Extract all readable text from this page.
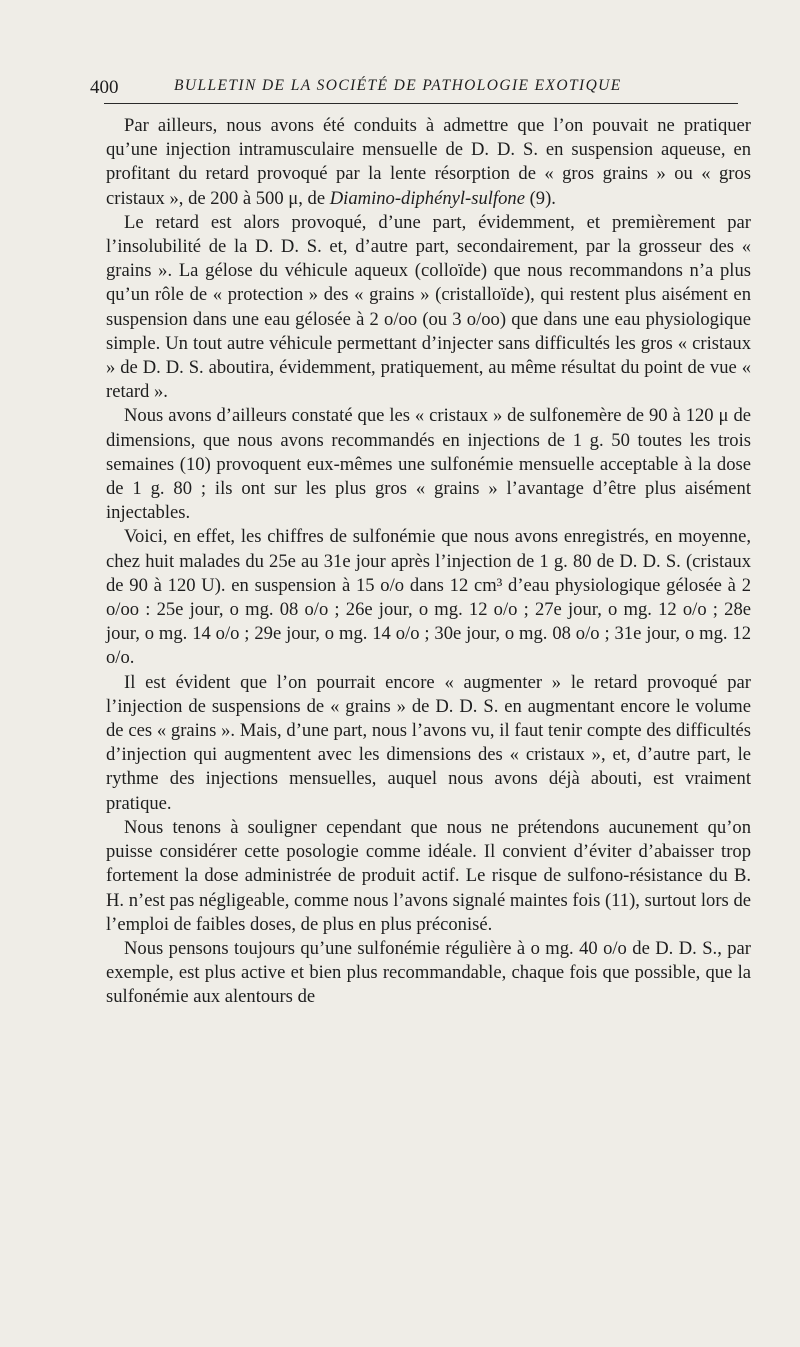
400	BULLETIN DE LA SOCIÉTÉ DE PATHOLOGIE EXOTIQUE

Par ailleurs, nous avons été conduits à admettre que l’on pouvait ne pratiquer qu’une injection intramusculaire mensuelle de D. D. S. en suspension aqueuse, en profitant du retard provoqué par la lente résorption de « gros grains » ou « gros cristaux », de 200 à 500 μ, de Diamino-diphényl-sulfone (9).

Le retard est alors provoqué, d’une part, évidemment, et premièrement par l’insolubilité de la D. D. S. et, d’autre part, secondairement, par la grosseur des « grains ». La gélose du véhicule aqueux (colloïde) que nous recommandons n’a plus qu’un rôle de « protection » des « grains » (cristalloïde), qui restent plus aisément en suspension dans une eau gélosée à 2 o/oo (ou 3 o/oo) que dans une eau physiologique simple. Un tout autre véhicule permettant d’injecter sans difficultés les gros « cristaux » de D. D. S. aboutira, évidemment, pratiquement, au même résultat du point de vue « retard ».

Nous avons d’ailleurs constaté que les « cristaux » de sulfonemère de 90 à 120 μ de dimensions, que nous avons recommandés en injections de 1 g. 50 toutes les trois semaines (10) provoquent eux-mêmes une sulfonémie mensuelle acceptable à la dose de 1 g. 80 ; ils ont sur les plus gros « grains » l’avantage d’être plus aisément injectables.

Voici, en effet, les chiffres de sulfonémie que nous avons enregistrés, en moyenne, chez huit malades du 25e au 31e jour après l’injection de 1 g. 80 de D. D. S. (cristaux de 90 à 120 U). en suspension à 15 o/o dans 12 cm³ d’eau physiologique gélosée à 2 o/oo : 25e jour, o mg. 08 o/o ; 26e jour, o mg. 12 o/o ; 27e jour, o mg. 12 o/o ; 28e jour, o mg. 14 o/o ; 29e jour, o mg. 14 o/o ; 30e jour, o mg. 08 o/o ; 31e jour, o mg. 12 o/o.

Il est évident que l’on pourrait encore « augmenter » le retard provoqué par l’injection de suspensions de « grains » de D. D. S. en augmentant encore le volume de ces « grains ». Mais, d’une part, nous l’avons vu, il faut tenir compte des difficultés d’injection qui augmentent avec les dimensions des « cristaux », et, d’autre part, le rythme des injections mensuelles, auquel nous avons déjà abouti, est vraiment pratique.

Nous tenons à souligner cependant que nous ne prétendons aucunement qu’on puisse considérer cette posologie comme idéale. Il convient d’éviter d’abaisser trop fortement la dose administrée de produit actif. Le risque de sulfono-résistance du B. H. n’est pas négligeable, comme nous l’avons signalé maintes fois (11), surtout lors de l’emploi de faibles doses, de plus en plus préconisé.

Nous pensons toujours qu’une sulfonémie régulière à o mg. 40 o/o de D. D. S., par exemple, est plus active et bien plus recommandable, chaque fois que possible, que la sulfonémie aux alentours de
